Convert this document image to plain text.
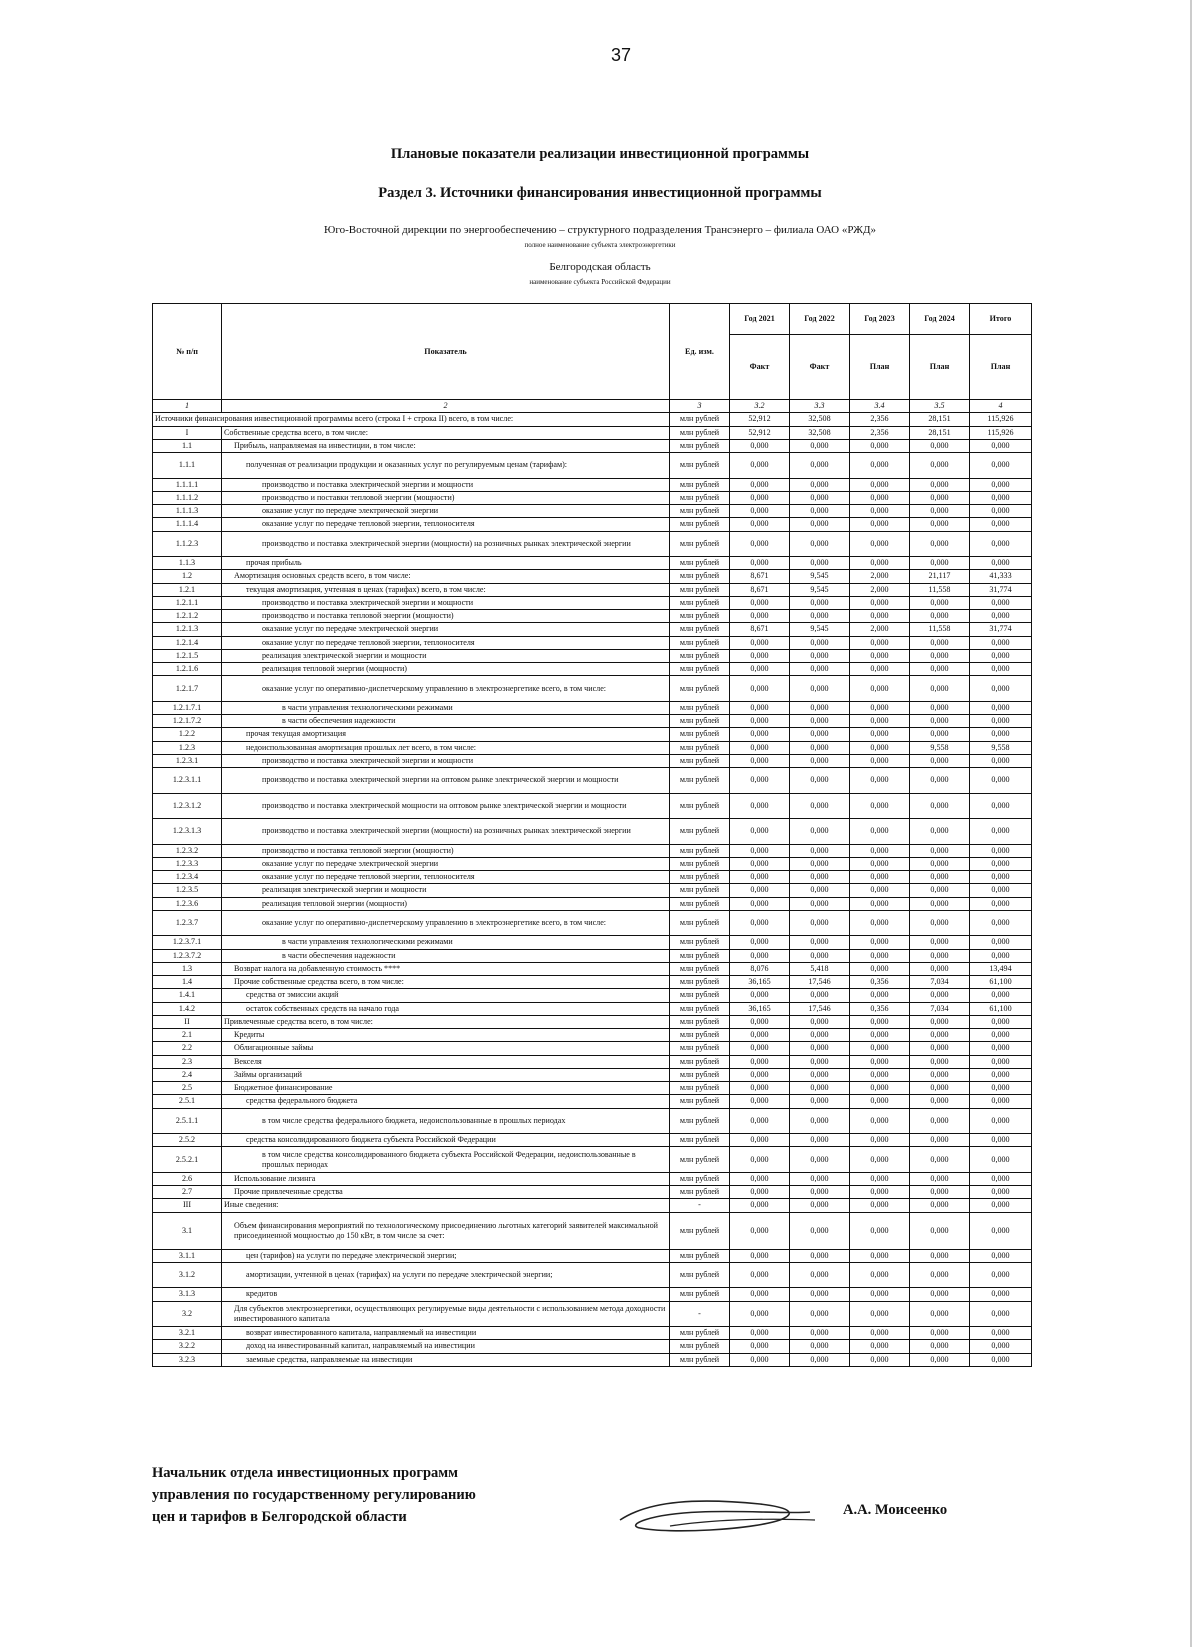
37
Плановые показатели реализации инвестиционной программы
Раздел 3. Источники финансирования инвестиционной программы
Юго-Восточной дирекции по энергообеспечению – структурного подразделения Трансэнерго – филиала ОАО «РЖД»
полное наименование субъекта электроэнергетики
Белгородская область
наименование субъекта Российской Федерации
№ п/п	Показатель	Ед. изм.	Год 2021	Год 2022	Год 2023	Год 2024	Итого
			Факт	Факт	План	План	План
1	2	3	3.2	3.3	3.4	3.5	4
Источники финансирования инвестиционной программы всего (строка I + строка II) всего, в том числе:		млн рублей	52,912	32,508	2,356	28,151	115,926
I	Собственные средства всего, в том числе:	млн рублей	52,912	32,508	2,356	28,151	115,926
1.1	Прибыль, направляемая на инвестиции, в том числе:	млн рублей	0,000	0,000	0,000	0,000	0,000
1.1.1	полученная от реализации продукции и оказанных услуг по регулируемым ценам (тарифам):	млн рублей	0,000	0,000	0,000	0,000	0,000
1.1.1.1	производство и поставка электрической энергии и мощности	млн рублей	0,000	0,000	0,000	0,000	0,000
1.1.1.2	производство и поставки тепловой энергии (мощности)	млн рублей	0,000	0,000	0,000	0,000	0,000
1.1.1.3	оказание услуг по передаче электрической энергии	млн рублей	0,000	0,000	0,000	0,000	0,000
1.1.1.4	оказание услуг по передаче тепловой энергии, теплоносителя	млн рублей	0,000	0,000	0,000	0,000	0,000
1.1.2.3	производство и поставка электрической энергии (мощности) на розничных рынках электрической энергии	млн рублей	0,000	0,000	0,000	0,000	0,000
1.1.3	прочая прибыль	млн рублей	0,000	0,000	0,000	0,000	0,000
1.2	Амортизация основных средств всего, в том числе:	млн рублей	8,671	9,545	2,000	21,117	41,333
1.2.1	текущая амортизация, учтенная в ценах (тарифах) всего, в том числе:	млн рублей	8,671	9,545	2,000	11,558	31,774
1.2.1.1	производство и поставка электрической энергии и мощности	млн рублей	0,000	0,000	0,000	0,000	0,000
1.2.1.2	производство и поставка тепловой энергии (мощности)	млн рублей	0,000	0,000	0,000	0,000	0,000
1.2.1.3	оказание услуг по передаче электрической энергии	млн рублей	8,671	9,545	2,000	11,558	31,774
1.2.1.4	оказание услуг по передаче тепловой энергии, теплоносителя	млн рублей	0,000	0,000	0,000	0,000	0,000
1.2.1.5	реализация электрической энергии и мощности	млн рублей	0,000	0,000	0,000	0,000	0,000
1.2.1.6	реализация тепловой энергии (мощности)	млн рублей	0,000	0,000	0,000	0,000	0,000
1.2.1.7	оказание услуг по оперативно-диспетчерскому управлению в электроэнергетике всего, в том числе:	млн рублей	0,000	0,000	0,000	0,000	0,000
1.2.1.7.1	в части управления технологическими режимами	млн рублей	0,000	0,000	0,000	0,000	0,000
1.2.1.7.2	в части обеспечения надежности	млн рублей	0,000	0,000	0,000	0,000	0,000
1.2.2	прочая текущая амортизация	млн рублей	0,000	0,000	0,000	0,000	0,000
1.2.3	недоиспользованная амортизация прошлых лет всего, в том числе:	млн рублей	0,000	0,000	0,000	9,558	9,558
1.2.3.1	производство и поставка электрической энергии и мощности	млн рублей	0,000	0,000	0,000	0,000	0,000
1.2.3.1.1	производство и поставка электрической энергии на оптовом рынке электрической энергии и мощности	млн рублей	0,000	0,000	0,000	0,000	0,000
1.2.3.1.2	производство и поставка электрической мощности на оптовом рынке электрической энергии и мощности	млн рублей	0,000	0,000	0,000	0,000	0,000
1.2.3.1.3	производство и поставка электрической энергии (мощности) на розничных рынках электрической энергии	млн рублей	0,000	0,000	0,000	0,000	0,000
1.2.3.2	производство и поставка тепловой энергии (мощности)	млн рублей	0,000	0,000	0,000	0,000	0,000
1.2.3.3	оказание услуг по передаче электрической энергии	млн рублей	0,000	0,000	0,000	0,000	0,000
1.2.3.4	оказание услуг по передаче тепловой энергии, теплоносителя	млн рублей	0,000	0,000	0,000	0,000	0,000
1.2.3.5	реализация электрической энергии и мощности	млн рублей	0,000	0,000	0,000	0,000	0,000
1.2.3.6	реализация тепловой энергии (мощности)	млн рублей	0,000	0,000	0,000	0,000	0,000
1.2.3.7	оказание услуг по оперативно-диспетчерскому управлению в электроэнергетике всего, в том числе:	млн рублей	0,000	0,000	0,000	0,000	0,000
1.2.3.7.1	в части управления технологическими режимами	млн рублей	0,000	0,000	0,000	0,000	0,000
1.2.3.7.2	в части обеспечения надежности	млн рублей	0,000	0,000	0,000	0,000	0,000
1.3	Возврат налога на добавленную стоимость ****	млн рублей	8,076	5,418	0,000	0,000	13,494
1.4	Прочие собственные средства всего, в том числе:	млн рублей	36,165	17,546	0,356	7,034	61,100
1.4.1	средства от эмиссии акций	млн рублей	0,000	0,000	0,000	0,000	0,000
1.4.2	остаток собственных средств на начало года	млн рублей	36,165	17,546	0,356	7,034	61,100
II	Привлеченные средства всего, в том числе:	млн рублей	0,000	0,000	0,000	0,000	0,000
2.1	Кредиты	млн рублей	0,000	0,000	0,000	0,000	0,000
2.2	Облигационные займы	млн рублей	0,000	0,000	0,000	0,000	0,000
2.3	Векселя	млн рублей	0,000	0,000	0,000	0,000	0,000
2.4	Займы организаций	млн рублей	0,000	0,000	0,000	0,000	0,000
2.5	Бюджетное финансирование	млн рублей	0,000	0,000	0,000	0,000	0,000
2.5.1	средства федерального бюджета	млн рублей	0,000	0,000	0,000	0,000	0,000
2.5.1.1	в том числе средства федерального бюджета, недоиспользованные в прошлых периодах	млн рублей	0,000	0,000	0,000	0,000	0,000
2.5.2	средства консолидированного бюджета субъекта Российской Федерации	млн рублей	0,000	0,000	0,000	0,000	0,000
2.5.2.1	в том числе средства консолидированного бюджета субъекта Российской Федерации, недоиспользованные в прошлых периодах	млн рублей	0,000	0,000	0,000	0,000	0,000
2.6	Использование лизинга	млн рублей	0,000	0,000	0,000	0,000	0,000
2.7	Прочие привлеченные средства	млн рублей	0,000	0,000	0,000	0,000	0,000
III	Иные сведения:	-	0,000	0,000	0,000	0,000	0,000
3.1	Объем финансирования мероприятий по технологическому присоединению льготных категорий заявителей максимальной присоединенной мощностью до 150 кВт, в том числе за счет:	млн рублей	0,000	0,000	0,000	0,000	0,000
3.1.1	цен (тарифов) на услуги по передаче электрической энергии;	млн рублей	0,000	0,000	0,000	0,000	0,000
3.1.2	амортизации, учтенной в ценах (тарифах) на услуги по передаче электрической энергии;	млн рублей	0,000	0,000	0,000	0,000	0,000
3.1.3	кредитов	млн рублей	0,000	0,000	0,000	0,000	0,000
3.2	Для субъектов электроэнергетики, осуществляющих регулируемые виды деятельности с использованием метода доходности инвестированного капитала	-	0,000	0,000	0,000	0,000	0,000
3.2.1	возврат инвестированного капитала, направляемый на инвестиции	млн рублей	0,000	0,000	0,000	0,000	0,000
3.2.2	доход на инвестированный капитал, направляемый на инвестиции	млн рублей	0,000	0,000	0,000	0,000	0,000
3.2.3	заемные средства, направляемые на инвестиции	млн рублей	0,000	0,000	0,000	0,000	0,000
Начальник отдела инвестиционных программ
управления по государственному регулированию
цен и тарифов в Белгородской области	А.А. Моисеенко
